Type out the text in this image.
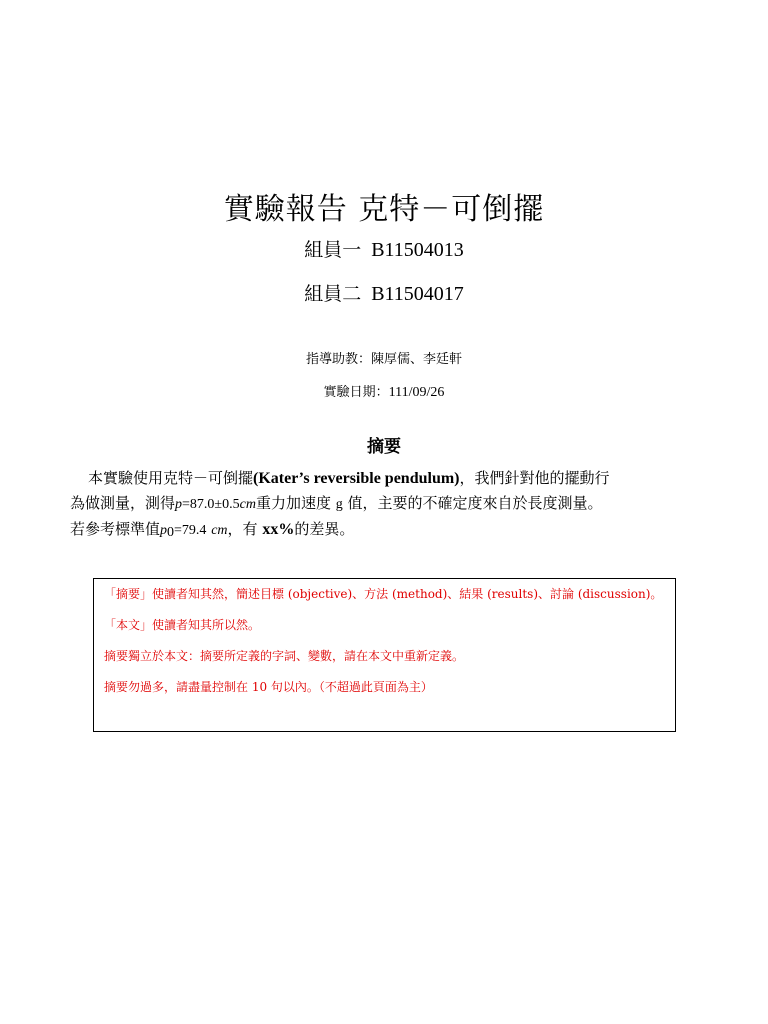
實驗報告 克特－可倒擺
組員一 B11504013
組員二 B11504017
指導助教：陳厚儒、李廷軒
實驗日期：111/09/26
摘要
本實驗使用克特－可倒擺(Kater’s reversible pendulum)，我們針對他的擺動行
為做測量，測得p=87.0±0.5cm重力加速度 g 值，主要的不確定度來自於長度測量。
若參考標準值$p_0=79.4$ cm，有 xx%的差異。

「摘要」使讀者知其然，簡述目標 (objective)、方法 (method)、結果 (results)、討論 (discussion)。

「本文」使讀者知其所以然。

摘要獨立於本文：摘要所定義的字詞、變數，請在本文中重新定義。

摘要勿過多，請盡量控制在 10 句以內。（不超過此頁面為主）
